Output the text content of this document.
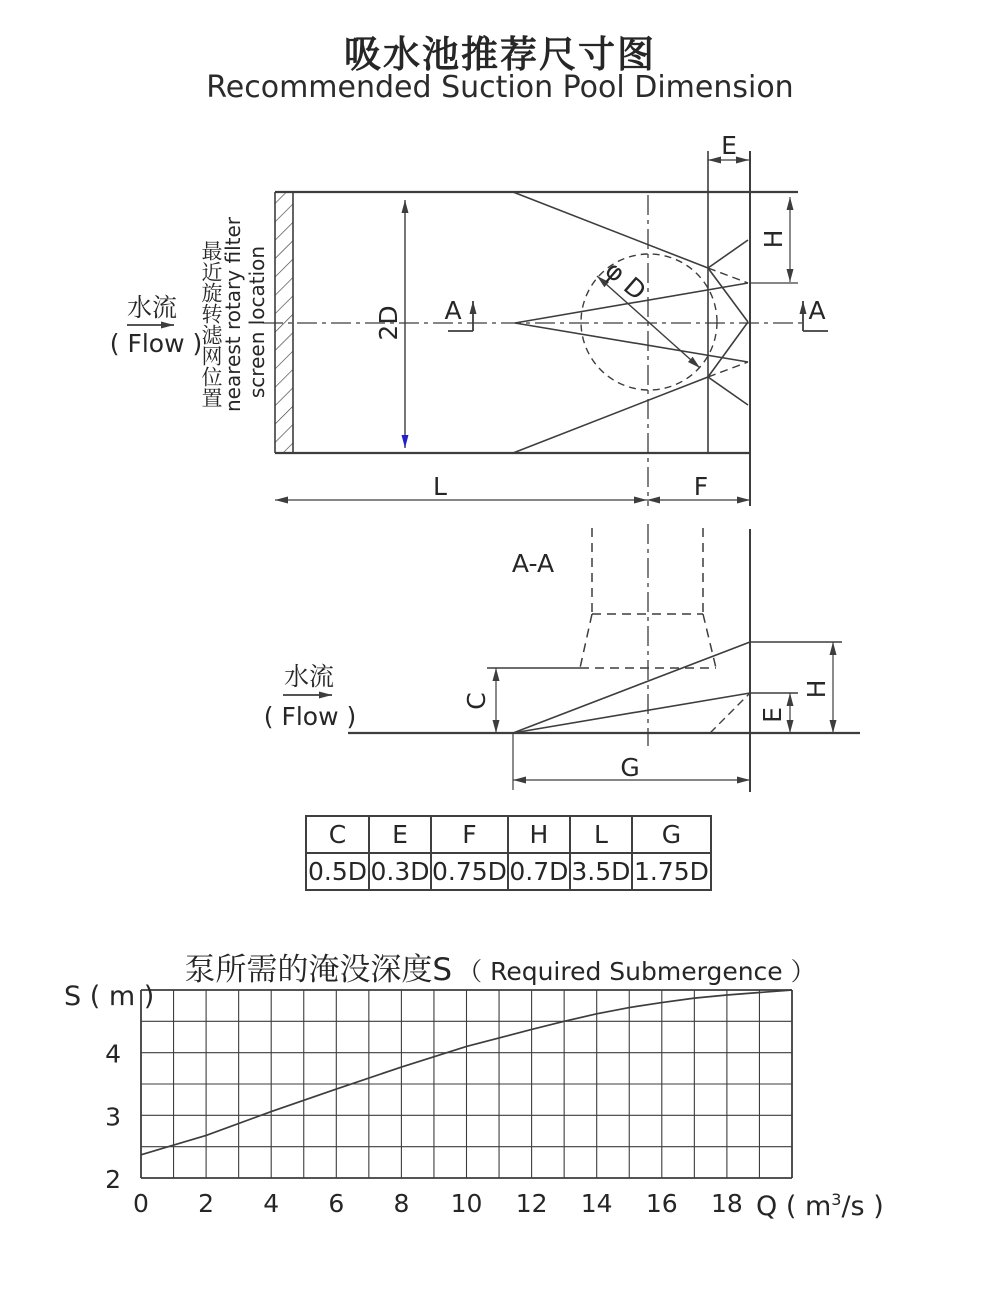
水流
( Flow )
2D A	A
E
H
φ D
L	F
A-A
水流
( Flow )
C
H
E
G
0 2 4 6 8 10 12 14 16 18
2
3
4
吸水池推荐尺寸图
Recommended Suction Pool Dimension
最近旋转滤网位置
nearest rotary filter screen location
C	E	F	H	L	G
0.5D	0.3D	0.75D	0.7D	3.5D	1.75D
泵所需的淹没深度S （ Required Submergence ）
S ( m )
Q ( $m^3/s$ )
